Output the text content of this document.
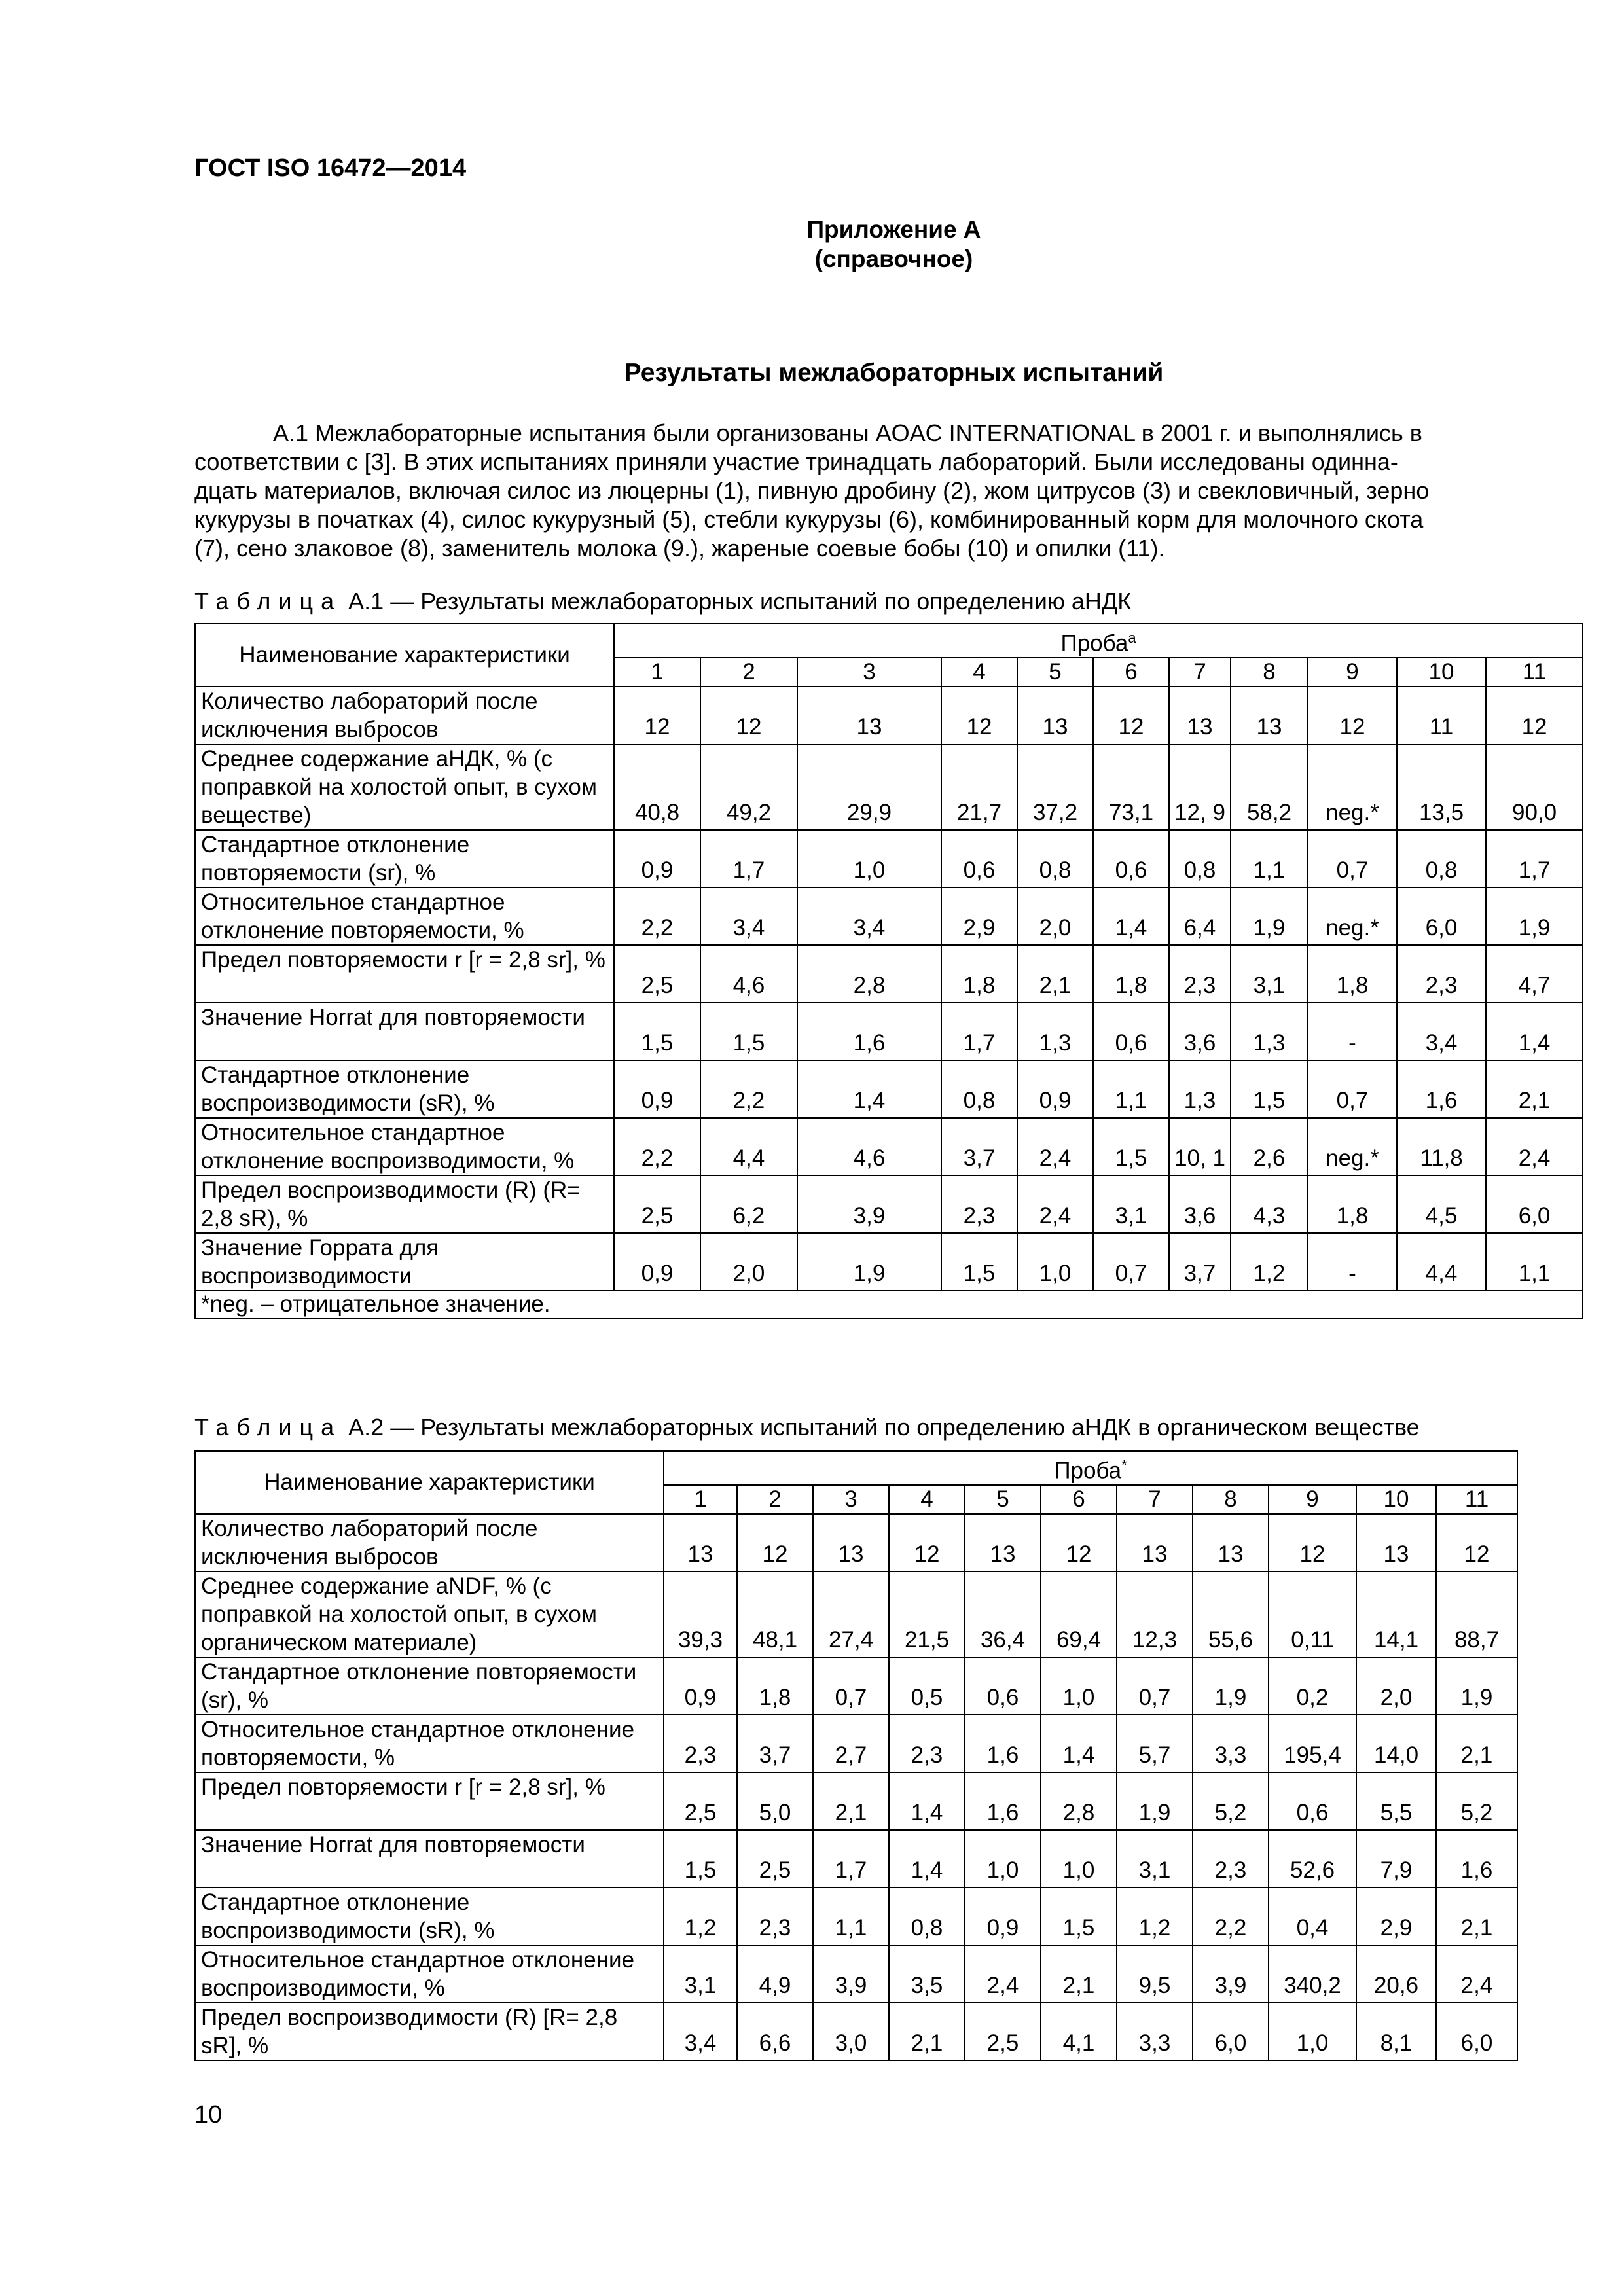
ГОСТ ISO 16472—2014
Приложение А
(справочное)
Результаты межлабораторных испытаний
А.1 Межлабораторные испытания были организованы AOAC INTERNATIONAL в 2001 г. и выполнялись в
соответствии с [3]. В этих испытаниях приняли участие тринадцать лабораторий. Были исследованы одинна-
дцать материалов, включая силос из люцерны (1), пивную дробину (2), жом цитрусов (3) и свекловичный, зерно
кукурузы в початках (4), силос кукурузный (5), стебли кукурузы (6), комбинированный корм для молочного скота
(7), сено злаковое (8), заменитель молока (9.), жареные соевые бобы (10) и опилки (11).
Таблица А.1 — Результаты межлабораторных испытаний по определению аНДК
Наименование характеристики	Проба$^a$
	1	2	3	4	5	6	7	8	9	10	11
Количество лабораторий после исключения выбросов	12	12	13	12	13	12	13	13	12	11	12
Среднее содержание аНДК, % (с поправкой на холостой опыт, в сухом веществе)	40,8	49,2	29,9	21,7	37,2	73,1	12, 9	58,2	neg.*	13,5	90,0
Стандартное отклонение повторяемости (sr), %	0,9	1,7	1,0	0,6	0,8	0,6	0,8	1,1	0,7	0,8	1,7
Относительное стандартное отклонение повторяемости, %	2,2	3,4	3,4	2,9	2,0	1,4	6,4	1,9	neg.*	6,0	1,9
Предел повторяемости r [r = 2,8 sr], %	2,5	4,6	2,8	1,8	2,1	1,8	2,3	3,1	1,8	2,3	4,7
Значение Horrat для повторяемости	1,5	1,5	1,6	1,7	1,3	0,6	3,6	1,3	-	3,4	1,4
Стандартное отклонение воспроизводимости (sR), %	0,9	2,2	1,4	0,8	0,9	1,1	1,3	1,5	0,7	1,6	2,1
Относительное стандартное отклонение воспроизводимости, %	2,2	4,4	4,6	3,7	2,4	1,5	10, 1	2,6	neg.*	11,8	2,4
Предел воспроизводимости (R) (R= 2,8 sR), %	2,5	6,2	3,9	2,3	2,4	3,1	3,6	4,3	1,8	4,5	6,0
Значение Горрата для воспроизводимости	0,9	2,0	1,9	1,5	1,0	0,7	3,7	1,2	-	4,4	1,1
*neg. – отрицательное значение.											
Таблица А.2 — Результаты межлабораторных испытаний по определению аНДК в органическом веществе
Наименование характеристики	Проба*
	1	2	3	4	5	6	7	8	9	10	11
Количество лабораторий после исключения выбросов	13	12	13	12	13	12	13	13	12	13	12
Среднее содержание aNDF, % (с поправкой на холостой опыт, в сухом органическом материале)	39,3	48,1	27,4	21,5	36,4	69,4	12,3	55,6	0,11	14,1	88,7
Стандартное отклонение повторяемости (sr), %	0,9	1,8	0,7	0,5	0,6	1,0	0,7	1,9	0,2	2,0	1,9
Относительное стандартное отклонение повторяемости, %	2,3	3,7	2,7	2,3	1,6	1,4	5,7	3,3	195,4	14,0	2,1
Предел повторяемости r [r = 2,8 sr], %	2,5	5,0	2,1	1,4	1,6	2,8	1,9	5,2	0,6	5,5	5,2
Значение Horrat для повторяемости	1,5	2,5	1,7	1,4	1,0	1,0	3,1	2,3	52,6	7,9	1,6
Стандартное отклонение воспроизводимости (sR), %	1,2	2,3	1,1	0,8	0,9	1,5	1,2	2,2	0,4	2,9	2,1
Относительное стандартное отклонение воспроизводимости, %	3,1	4,9	3,9	3,5	2,4	2,1	9,5	3,9	340,2	20,6	2,4
Предел воспроизводимости (R) [R= 2,8 sR], %	3,4	6,6	3,0	2,1	2,5	4,1	3,3	6,0	1,0	8,1	6,0
10
